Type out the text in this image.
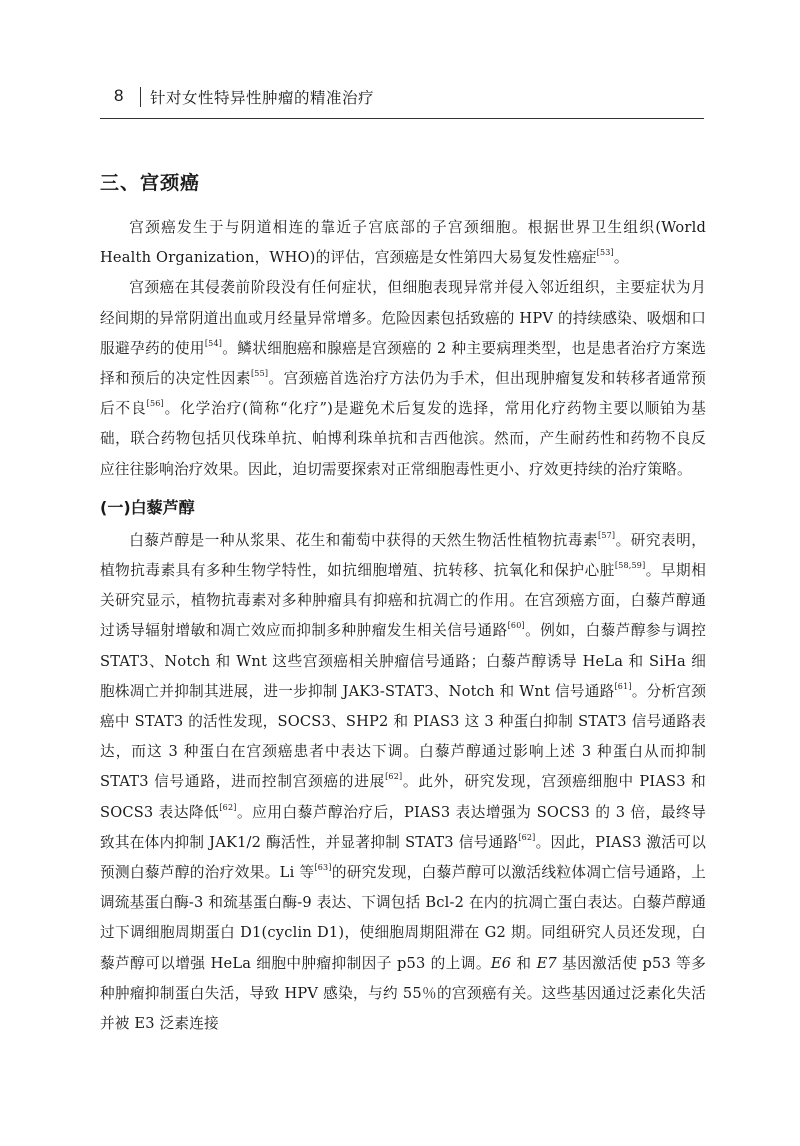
8 针对女性特异性肿瘤的精准治疗
三、宫颈癌

宫颈癌发生于与阴道相连的靠近子宫底部的子宫颈细胞。根据世界卫生组织(World Health Organization，WHO)的评估，宫颈癌是女性第四大易复发性癌症[53]。

宫颈癌在其侵袭前阶段没有任何症状，但细胞表现异常并侵入邻近组织，主要症状为月经间期的异常阴道出血或月经量异常增多。危险因素包括致癌的 HPV 的持续感染、吸烟和口服避孕药的使用[54]。鳞状细胞癌和腺癌是宫颈癌的 2 种主要病理类型，也是患者治疗方案选择和预后的决定性因素[55]。宫颈癌首选治疗方法仍为手术，但出现肿瘤复发和转移者通常预后不良[56]。化学治疗(简称“化疗”)是避免术后复发的选择，常用化疗药物主要以顺铂为基础，联合药物包括贝伐珠单抗、帕博利珠单抗和吉西他滨。然而，产生耐药性和药物不良反应往往影响治疗效果。因此，迫切需要探索对正常细胞毒性更小、疗效更持续的治疗策略。

(一)白藜芦醇

白藜芦醇是一种从浆果、花生和葡萄中获得的天然生物活性植物抗毒素[57]。研究表明，植物抗毒素具有多种生物学特性，如抗细胞增殖、抗转移、抗氧化和保护心脏[58,59]。早期相关研究显示，植物抗毒素对多种肿瘤具有抑癌和抗凋亡的作用。在宫颈癌方面，白藜芦醇通过诱导辐射增敏和凋亡效应而抑制多种肿瘤发生相关信号通路[60]。例如，白藜芦醇参与调控 STAT3、Notch 和 Wnt 这些宫颈癌相关肿瘤信号通路；白藜芦醇诱导 HeLa 和 SiHa 细胞株凋亡并抑制其进展，进一步抑制 JAK3-STAT3、Notch 和 Wnt 信号通路[61]。分析宫颈癌中 STAT3 的活性发现，SOCS3、SHP2 和 PIAS3 这 3 种蛋白抑制 STAT3 信号通路表达，而这 3 种蛋白在宫颈癌患者中表达下调。白藜芦醇通过影响上述 3 种蛋白从而抑制 STAT3 信号通路，进而控制宫颈癌的进展[62]。此外，研究发现，宫颈癌细胞中 PIAS3 和 SOCS3 表达降低[62]。应用白藜芦醇治疗后，PIAS3 表达增强为 SOCS3 的 3 倍，最终导致其在体内抑制 JAK1/2 酶活性，并显著抑制 STAT3 信号通路[62]。因此，PIAS3 激活可以预测白藜芦醇的治疗效果。Li 等[63]的研究发现，白藜芦醇可以激活线粒体凋亡信号通路，上调巯基蛋白酶-3 和巯基蛋白酶-9 表达、下调包括 Bcl-2 在内的抗凋亡蛋白表达。白藜芦醇通过下调细胞周期蛋白 D1(cyclin D1)，使细胞周期阻滞在 G2 期。同组研究人员还发现，白藜芦醇可以增强 HeLa 细胞中肿瘤抑制因子 p53 的上调。E6 和 E7 基因激活使 p53 等多种肿瘤抑制蛋白失活，导致 HPV 感染，与约 55％的宫颈癌有关。这些基因通过泛素化失活并被 E3 泛素连接
